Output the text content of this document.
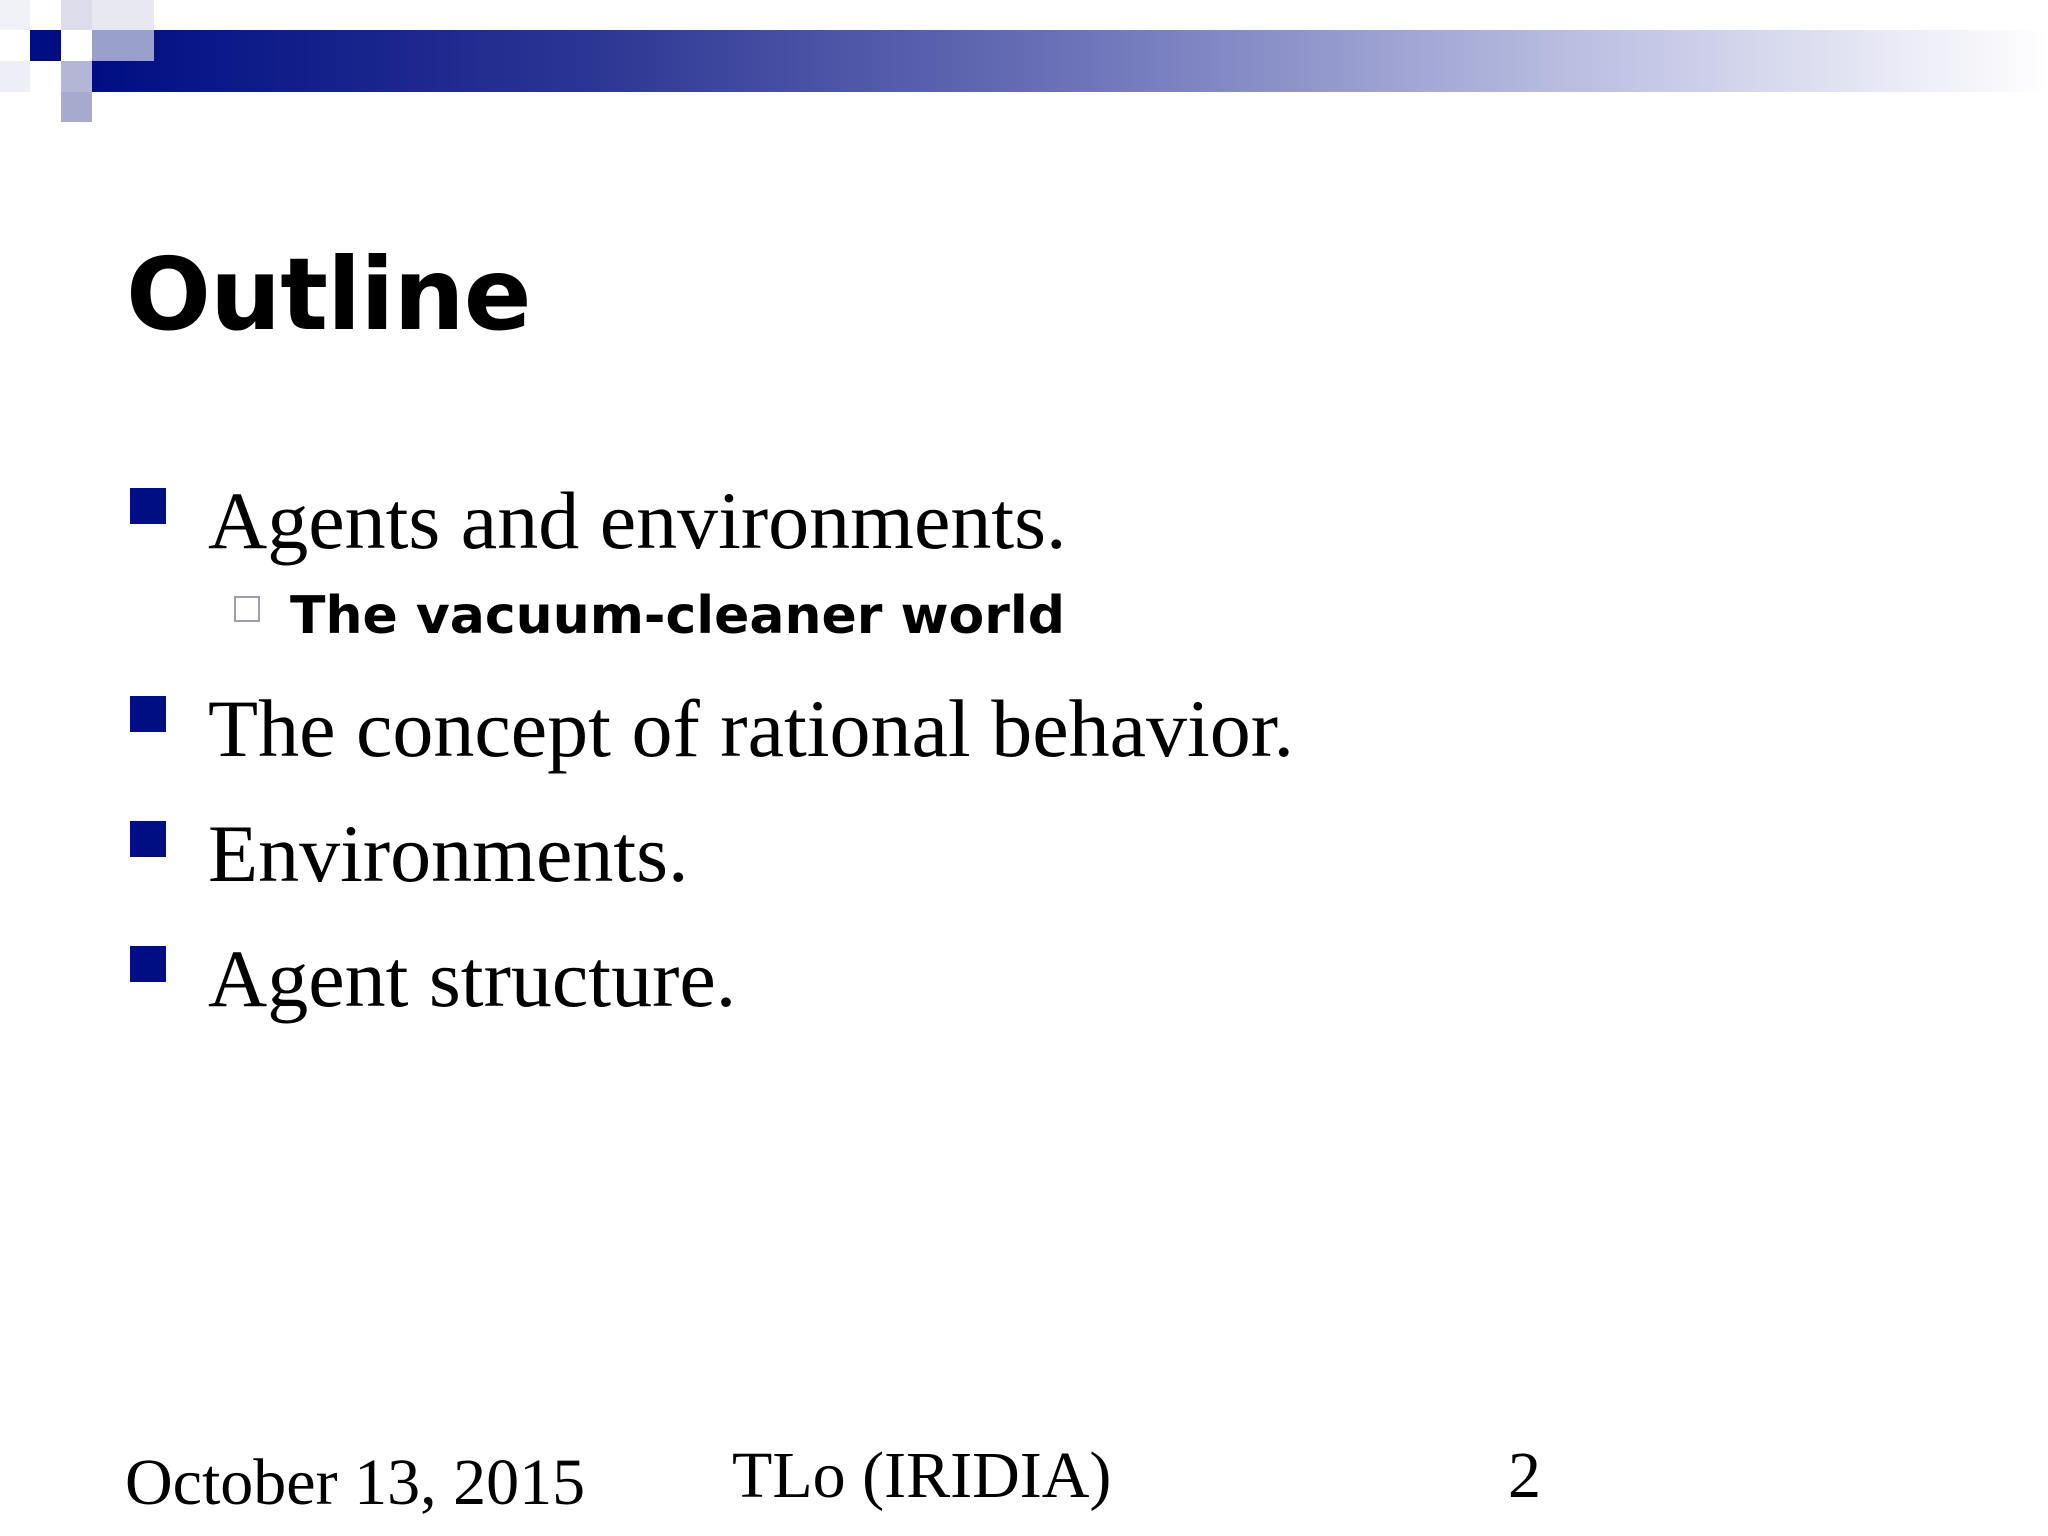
Outline
Agents and environments.
The vacuum-cleaner world
The concept of rational behavior.
Environments.
Agent structure.
October 13, 2015 TLo (IRIDIA)	2
